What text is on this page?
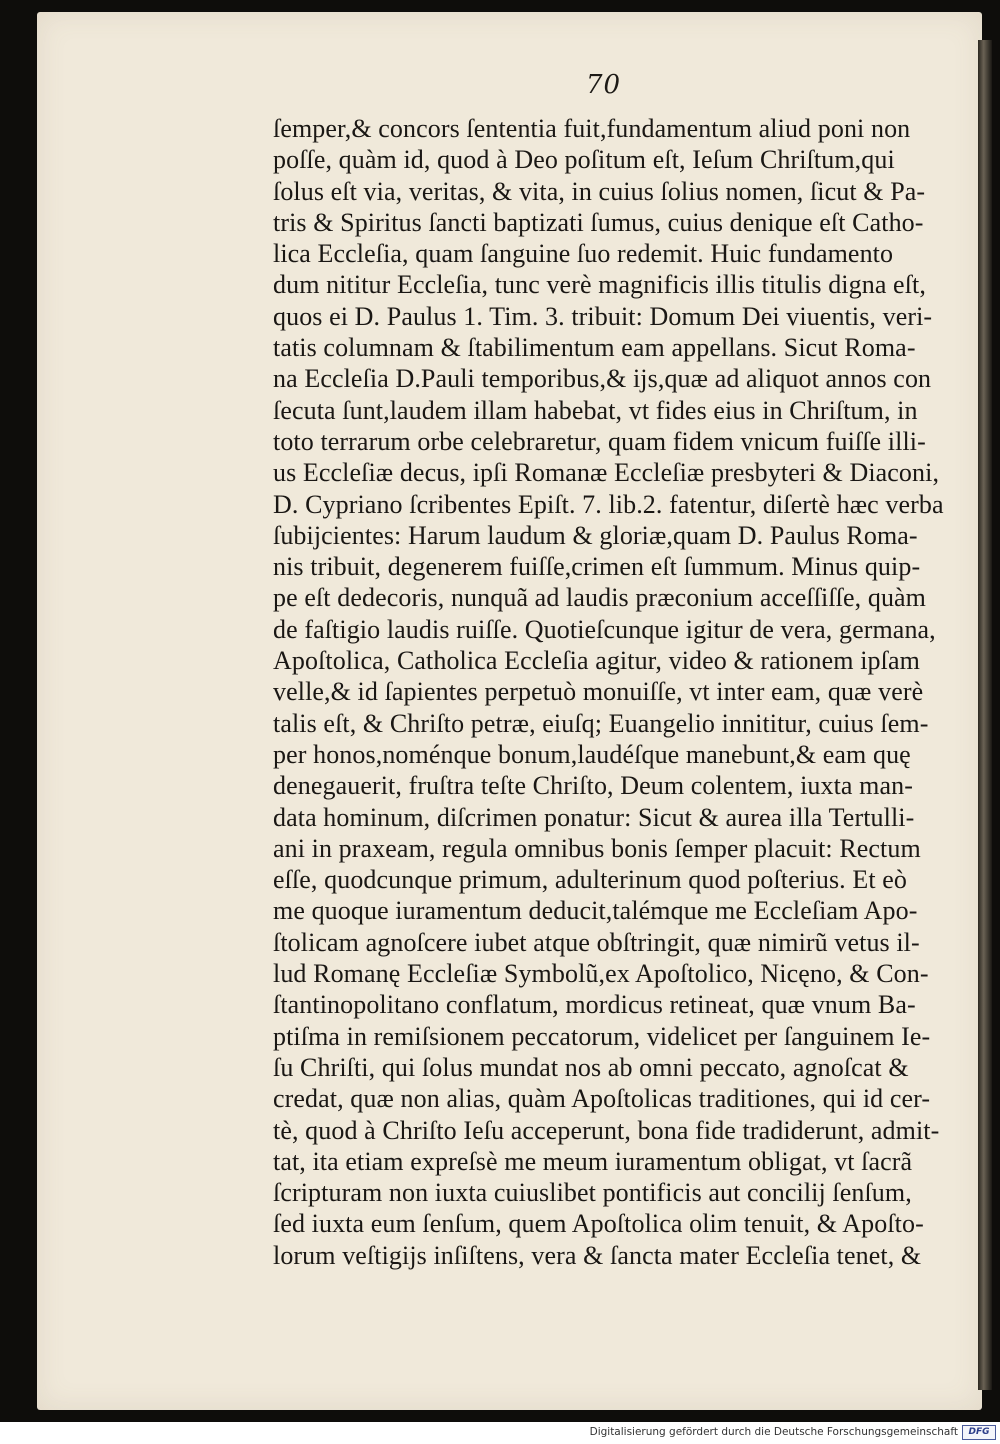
70
ſemper,& concors ſententia fuit,fundamentum aliud poni non
poſſe, quàm id, quod à Deo poſitum eſt, Ieſum Chriſtum,qui
ſolus eſt via, veritas, & vita, in cuius ſolius nomen, ſicut & Pa-
tris & Spiritus ſancti baptizati ſumus, cuius denique eſt Catho-
lica Eccleſia, quam ſanguine ſuo redemit. Huic fundamento
dum nititur Eccleſia, tunc verè magnificis illis titulis digna eſt,
quos ei D. Paulus 1. Tim. 3. tribuit: Domum Dei viuentis, veri-
tatis columnam & ſtabilimentum eam appellans. Sicut Roma-
na Eccleſia D.Pauli temporibus,& ijs,quæ ad aliquot annos con
ſecuta ſunt,laudem illam habebat, vt fides eius in Chriſtum, in
toto terrarum orbe celebraretur, quam fidem vnicum fuiſſe illi-
us Eccleſiæ decus, ipſi Romanæ Eccleſiæ presbyteri & Diaconi,
D. Cypriano ſcribentes Epiſt. 7. lib.2. fatentur, diſertè hæc verba
ſubijcientes: Harum laudum & gloriæ,quam D. Paulus Roma-
nis tribuit, degenerem fuiſſe,crimen eſt ſummum. Minus quip-
pe eſt dedecoris, nunquã ad laudis præconium acceſſiſſe, quàm
de faſtigio laudis ruiſſe. Quotieſcunque igitur de vera, germana,
Apoſtolica, Catholica Eccleſia agitur, video & rationem ipſam
velle,& id ſapientes perpetuò monuiſſe, vt inter eam, quæ verè
talis eſt, & Chriſto petræ, eiuſq; Euangelio innititur, cuius ſem-
per honos,noménque bonum,laudéſque manebunt,& eam quę
denegauerit, fruſtra teſte Chriſto, Deum colentem, iuxta man-
data hominum, diſcrimen ponatur: Sicut & aurea illa Tertulli-
ani in praxeam, regula omnibus bonis ſemper placuit: Rectum
eſſe, quodcunque primum, adulterinum quod poſterius. Et eò
me quoque iuramentum deducit,talémque me Eccleſiam Apo-
ſtolicam agnoſcere iubet atque obſtringit, quæ nimirũ vetus il-
lud Romanę Eccleſiæ Symbolũ,ex Apoſtolico, Nicęno, & Con-
ſtantinopolitano conflatum, mordicus retineat, quæ vnum Ba-
ptiſma in remiſsionem peccatorum, videlicet per ſanguinem Ie-
ſu Chriſti, qui ſolus mundat nos ab omni peccato, agnoſcat &
credat, quæ non alias, quàm Apoſtolicas traditiones, qui id cer-
tè, quod à Chriſto Ieſu acceperunt, bona fide tradiderunt, admit-
tat, ita etiam expreſsè me meum iuramentum obligat, vt ſacrã
ſcripturam non iuxta cuiuslibet pontificis aut concilij ſenſum,
ſed iuxta eum ſenſum, quem Apoſtolica olim tenuit, & Apoſto-
lorum veſtigijs inſiſtens, vera & ſancta mater Eccleſia tenet, &
Digitalisierung gefördert durch die Deutsche Forschungsgemeinschaft	DFG
